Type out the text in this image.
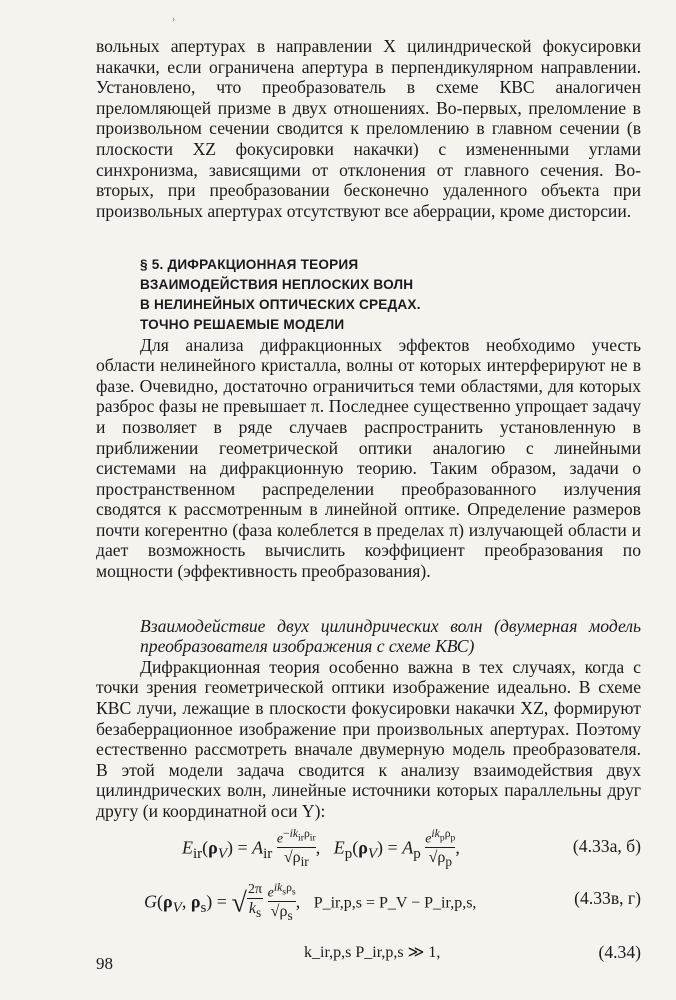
›

вольных апертурах в направлении X цилиндрической фокусировки накачки, если ограничена апертура в перпендикулярном направлении. Установлено, что преобразователь в схеме КВС аналогичен преломляющей призме в двух отношениях. Во-первых, преломление в произвольном сечении сводится к преломлению в главном сечении (в плоскости XZ фокусировки накачки) с измененными углами синхронизма, зависящими от отклонения от главного сечения. Во-вторых, при преобразовании бесконечно удаленного объекта при произвольных апертурах отсутствуют все аберрации, кроме дисторсии.

§ 5. ДИФРАКЦИОННАЯ ТЕОРИЯ
ВЗАИМОДЕЙСТВИЯ НЕПЛОСКИХ ВОЛН
В НЕЛИНЕЙНЫХ ОПТИЧЕСКИХ СРЕДАХ.
ТОЧНО РЕШАЕМЫЕ МОДЕЛИ

Для анализа дифракционных эффектов необходимо учесть области нелинейного кристалла, волны от которых интерферируют не в фазе. Очевидно, достаточно ограничиться теми областями, для которых разброс фазы не превышает π. Последнее существенно упрощает задачу и позволяет в ряде случаев распространить установленную в приближении геометрической оптики аналогию с линейными системами на дифракционную теорию. Таким образом, задачи о пространственном распределении преобразованного излучения сводятся к рассмотренным в линейной оптике. Определение размеров почти когерентно (фаза колеблется в пределах π) излучающей области и дает возможность вычислить коэффициент преобразования по мощности (эффективность преобразования).

Взаимодействие двух цилиндрических волн (двумерная модель преобразователя изображения с схеме КВС)

Дифракционная теория особенно важна в тех случаях, когда с точки зрения геометрической оптики изображение идеально. В схеме КВС лучи, лежащие в плоскости фокусировки накачки XZ, формируют безаберрационное изображение при произвольных апертурах. Поэтому естественно рассмотреть вначале двумерную модель преобразователя. В этой модели задача сводится к анализу взаимодействия двух цилиндрических волн, линейные источники которых параллельны друг другу (и координатной оси Y):

$E_{ir}(\rho_V) = A_{ir} \frac{e^{-ik_{ir}\rho_{ir}}}{√\rho_{ir}}$ ,   $E_p(\rho_V) = A_p \frac{e^{ik_p\rho_p}}{√\rho_p}$ ,	(4.33а, б)
$G(\rho_V$, $\rho_s$) = √ $\frac{2\pi}{k_s}$
$\frac{e^{ik_s\rho_s}}{√\rho_s}$ ,   P_ir,p,s = P_V − P_ir,p,s,	(4.33в, г)
k_ir,p,s P_ir,p,s ≫ 1,	(4.34)
98
